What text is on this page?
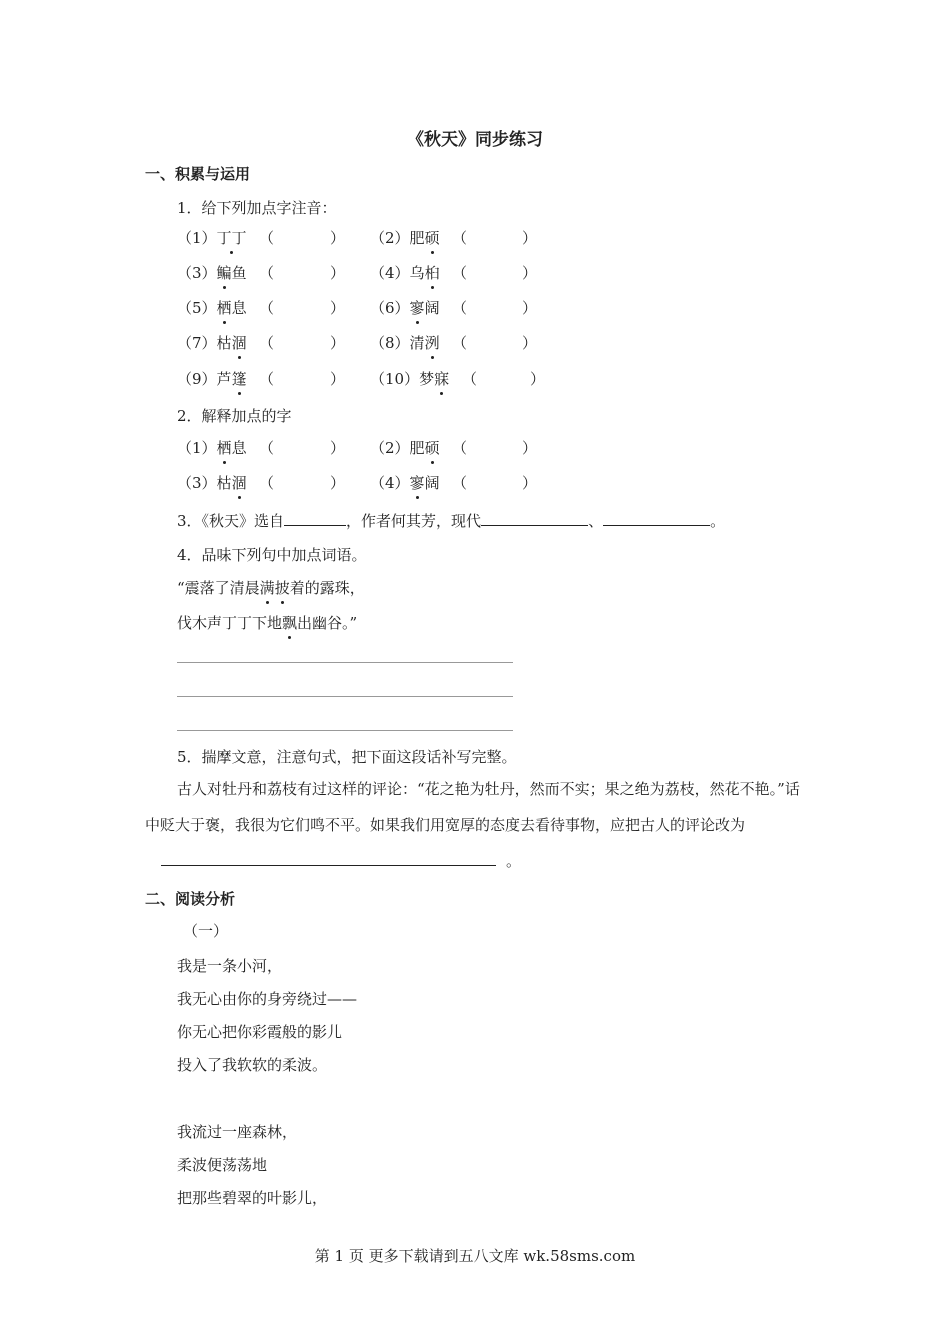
《秋天》同步练习
一、积累与运用
1．给下列加点字注音：
（1）丁丁 （	） （2）肥硕 （	）
（3）鳊鱼 （	） （4）乌桕 （	）
（5）栖息 （	） （6）寥阔 （	）
（7）枯涸 （	） （8）清洌 （	）
（9）芦篷 （	） （10）梦寐 （	）
2．解释加点的字
（1）栖息 （	） （2）肥硕 （	）
（3）枯涸 （	） （4）寥阔 （	）
3．《秋天》选自	，作者何其芳，现代	、	。
4．品味下列句中加点词语。
“震落了清晨满披着的露珠，
伐木声丁丁下地飘出幽谷。”
5．揣摩文意，注意句式，把下面这段话补写完整。
古人对牡丹和荔枝有过这样的评论：“花之艳为牡丹，然而不实；果之绝为荔枝，然花不艳。”话中贬大于褒，我很为它们鸣不平。如果我们用宽厚的态度去看待事物，应把古人的评论改为。
二、阅读分析
（一）
我是一条小河，
我无心由你的身旁绕过——
你无心把你彩霞般的影儿
投入了我软软的柔波。
我流过一座森林，
柔波便荡荡地
把那些碧翠的叶影儿，
第 1 页 更多下载请到五八文库 wk.58sms.com
